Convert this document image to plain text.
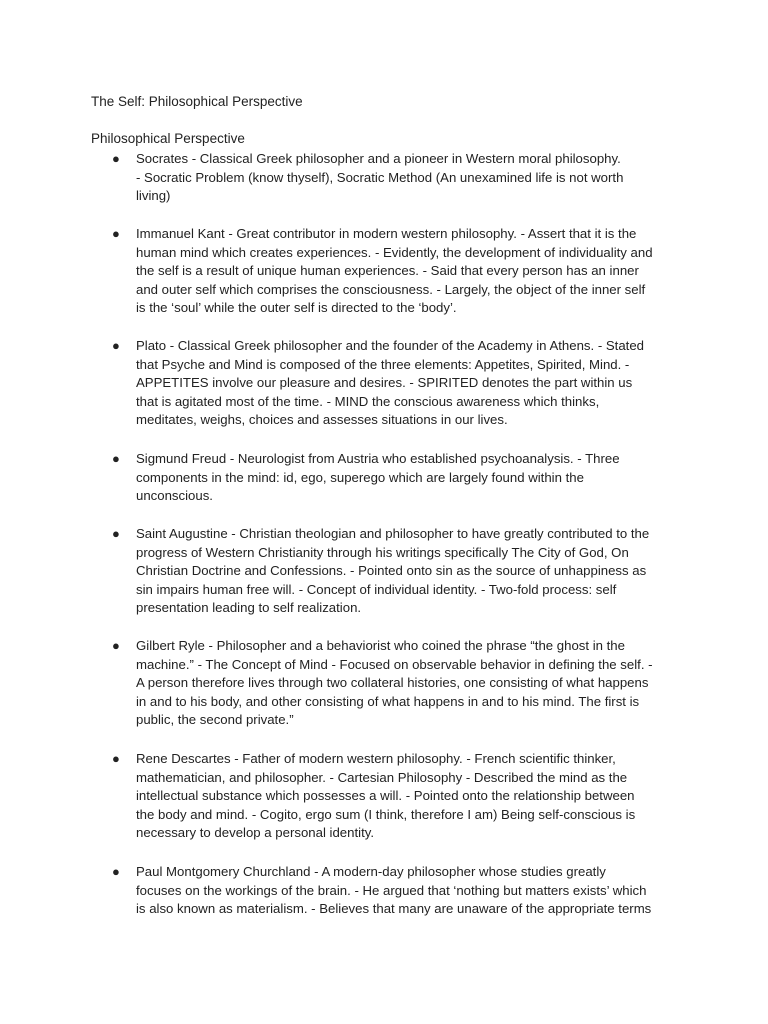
The Self: Philosophical Perspective

Philosophical Perspective

● Socrates - Classical Greek philosopher and a pioneer in Western moral philosophy.
- Socratic Problem (know thyself), Socratic Method (An unexamined life is not worth
living)

● Immanuel Kant - Great contributor in modern western philosophy. - Assert that it is the
human mind which creates experiences. - Evidently, the development of individuality and
the self is a result of unique human experiences. - Said that every person has an inner
and outer self which comprises the consciousness. - Largely, the object of the inner self
is the ‘soul’ while the outer self is directed to the ‘body’.

● Plato - Classical Greek philosopher and the founder of the Academy in Athens. - Stated
that Psyche and Mind is composed of the three elements: Appetites, Spirited, Mind. -
APPETITES involve our pleasure and desires. - SPIRITED denotes the part within us
that is agitated most of the time. - MIND the conscious awareness which thinks,
meditates, weighs, choices and assesses situations in our lives.

● Sigmund Freud - Neurologist from Austria who established psychoanalysis. - Three
components in the mind: id, ego, superego which are largely found within the
unconscious.

● Saint Augustine - Christian theologian and philosopher to have greatly contributed to the
progress of Western Christianity through his writings specifically The City of God, On
Christian Doctrine and Confessions. - Pointed onto sin as the source of unhappiness as
sin impairs human free will. - Concept of individual identity. - Two-fold process: self
presentation leading to self realization.

● Gilbert Ryle - Philosopher and a behaviorist who coined the phrase “the ghost in the
machine.” - The Concept of Mind - Focused on observable behavior in defining the self. -
A person therefore lives through two collateral histories, one consisting of what happens
in and to his body, and other consisting of what happens in and to his mind. The first is
public, the second private.”

● Rene Descartes - Father of modern western philosophy. - French scientific thinker,
mathematician, and philosopher. - Cartesian Philosophy - Described the mind as the
intellectual substance which possesses a will. - Pointed onto the relationship between
the body and mind. - Cogito, ergo sum (I think, therefore I am) Being self-conscious is
necessary to develop a personal identity.

● Paul Montgomery Churchland - A modern-day philosopher whose studies greatly
focuses on the workings of the brain. - He argued that ‘nothing but matters exists’ which
is also known as materialism. - Believes that many are unaware of the appropriate terms
